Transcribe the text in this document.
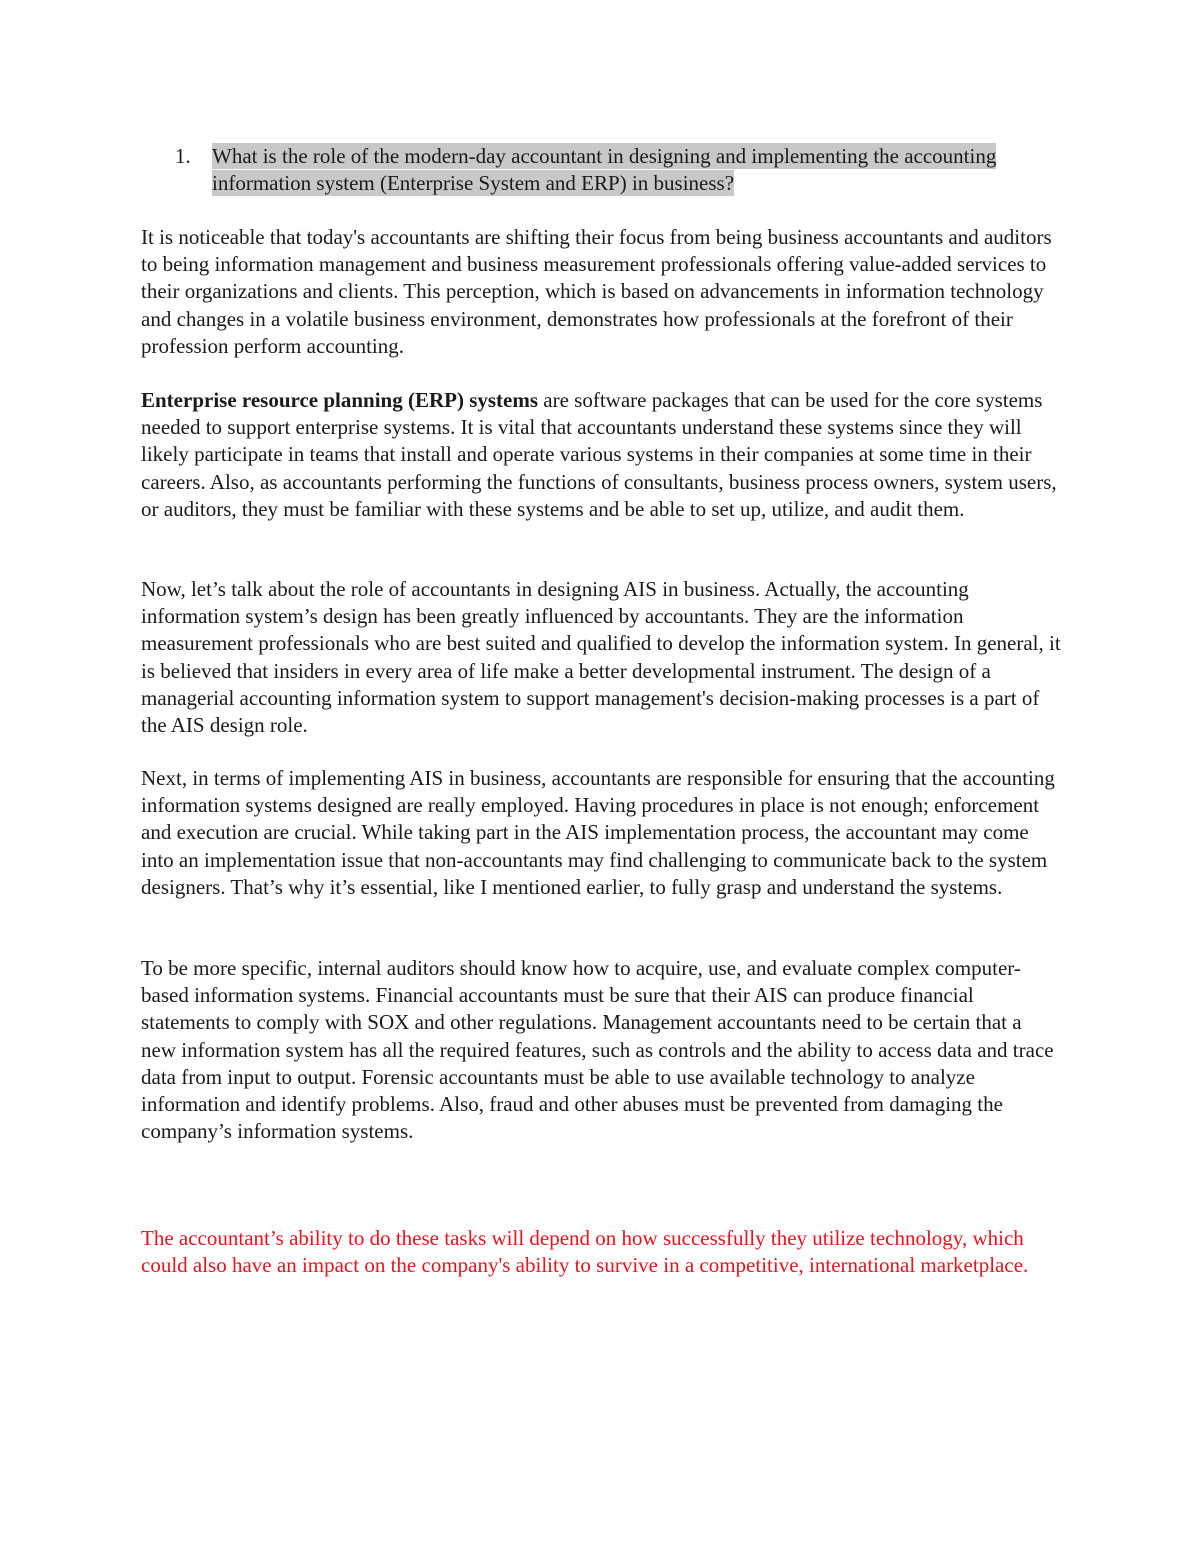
1.	What is the role of the modern-day accountant in designing and implementing the accounting information system (Enterprise System and ERP) in business?

It is noticeable that today's accountants are shifting their focus from being business accountants and auditors to being information management and business measurement professionals offering value-added services to their organizations and clients. This perception, which is based on advancements in information technology and changes in a volatile business environment, demonstrates how professionals at the forefront of their profession perform accounting.

Enterprise resource planning (ERP) systems are software packages that can be used for the core systems needed to support enterprise systems. It is vital that accountants understand these systems since they will likely participate in teams that install and operate various systems in their companies at some time in their careers. Also, as accountants performing the functions of consultants, business process owners, system users, or auditors, they must be familiar with these systems and be able to set up, utilize, and audit them.

Now, let’s talk about the role of accountants in designing AIS in business. Actually, the accounting information system’s design has been greatly influenced by accountants. They are the information measurement professionals who are best suited and qualified to develop the information system. In general, it is believed that insiders in every area of life make a better developmental instrument. The design of a managerial accounting information system to support management's decision-making processes is a part of the AIS design role.

Next, in terms of implementing AIS in business, accountants are responsible for ensuring that the accounting information systems designed are really employed. Having procedures in place is not enough; enforcement and execution are crucial. While taking part in the AIS implementation process, the accountant may come into an implementation issue that non-accountants may find challenging to communicate back to the system designers. That’s why it’s essential, like I mentioned earlier, to fully grasp and understand the systems.

To be more specific, internal auditors should know how to acquire, use, and evaluate complex computer-based information systems. Financial accountants must be sure that their AIS can produce financial statements to comply with SOX and other regulations. Management accountants need to be certain that a new information system has all the required features, such as controls and the ability to access data and trace data from input to output. Forensic accountants must be able to use available technology to analyze information and identify problems. Also, fraud and other abuses must be prevented from damaging the company’s information systems.

The accountant’s ability to do these tasks will depend on how successfully they utilize technology, which could also have an impact on the company's ability to survive in a competitive, international marketplace.
